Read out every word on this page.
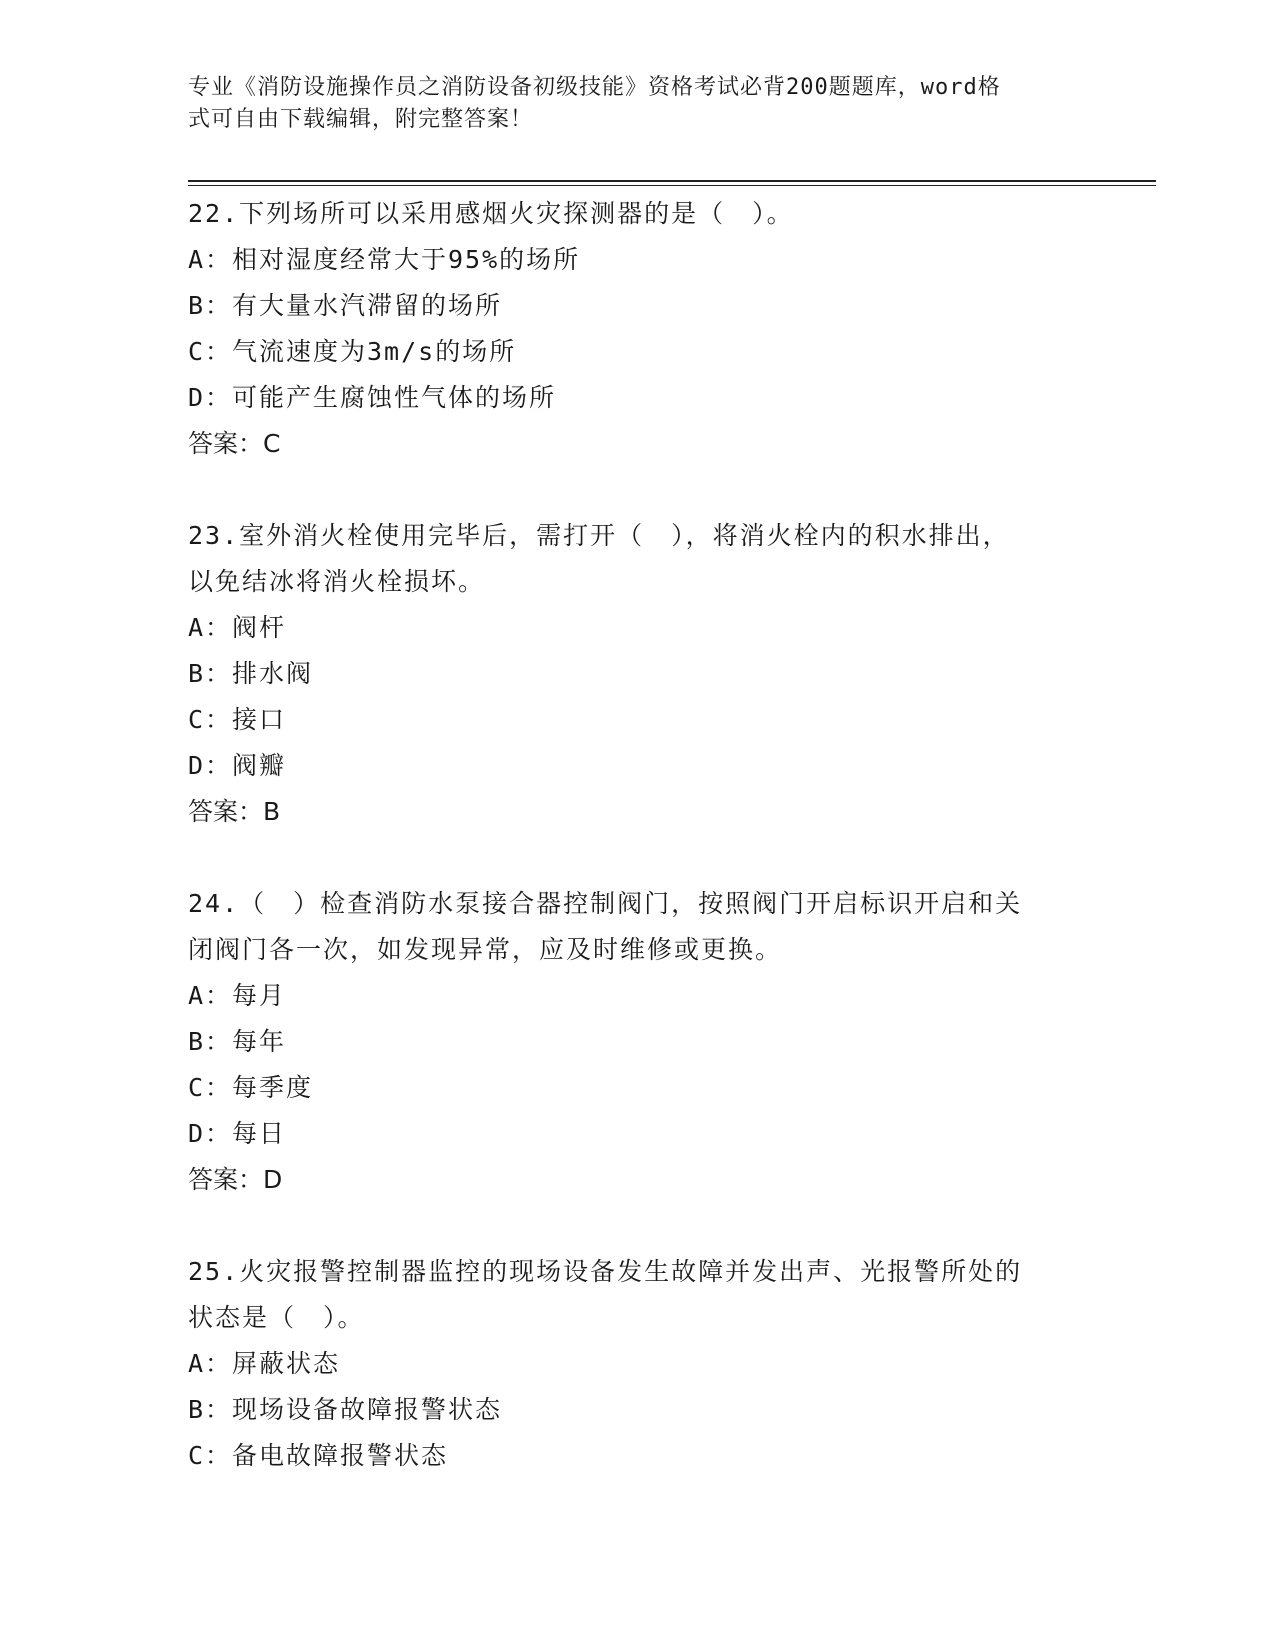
专业《消防设施操作员之消防设备初级技能》资格考试必背200题题库，word格
式可自由下载编辑，附完整答案！
22.下列场所可以采用感烟火灾探测器的是（　）。
A：相对湿度经常大于95%的场所
B：有大量水汽滞留的场所
C：气流速度为3m/s的场所
D：可能产生腐蚀性气体的场所
答案：C
23.室外消火栓使用完毕后，需打开（　），将消火栓内的积水排出，
以免结冰将消火栓损坏。
A：阀杆
B：排水阀
C：接口
D：阀瓣
答案：B
24.（　）检查消防水泵接合器控制阀门，按照阀门开启标识开启和关
闭阀门各一次，如发现异常，应及时维修或更换。
A：每月
B：每年
C：每季度
D：每日
答案：D
25.火灾报警控制器监控的现场设备发生故障并发出声、光报警所处的
状态是（　）。
A：屏蔽状态
B：现场设备故障报警状态
C：备电故障报警状态
